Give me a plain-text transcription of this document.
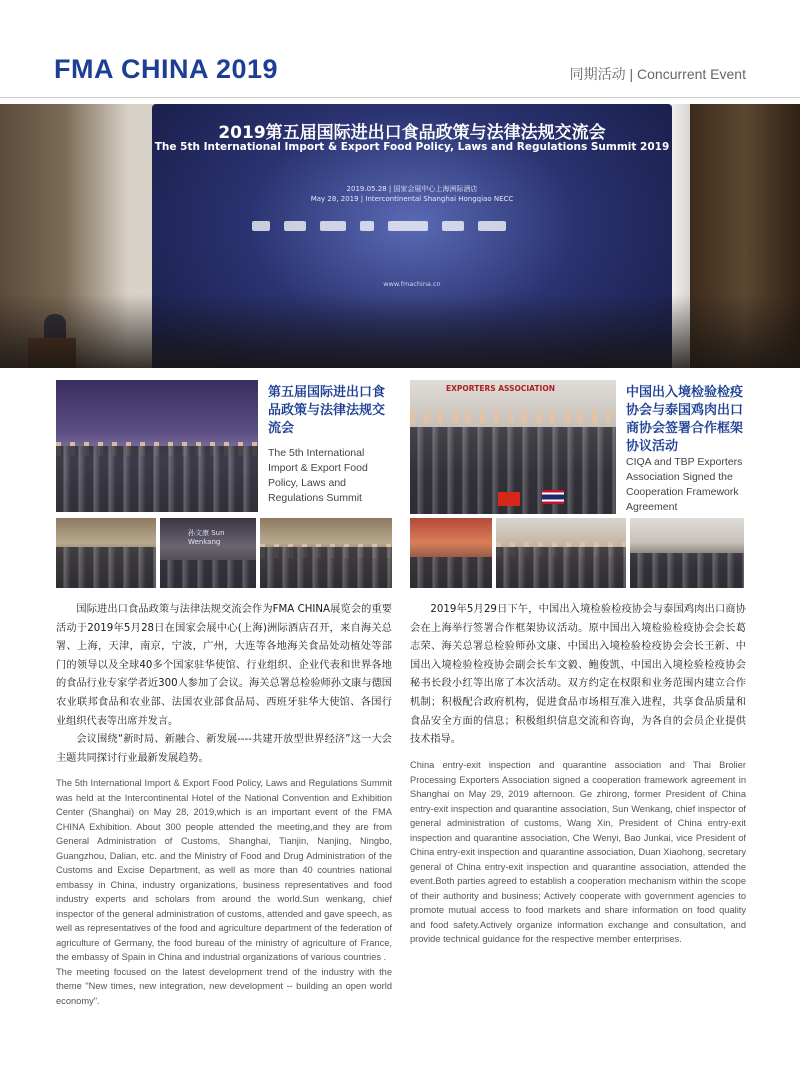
FMA CHINA 2019	同期活动 | Concurrent Event
2019第五届国际进出口食品政策与法律法规交流会
The 5th International Import & Export Food Policy, Laws and Regulations Summit 2019
2019.05.28 | 国家会展中心上海洲际酒店
May 28, 2019 | Intercontinental Shanghai Hongqiao NECC
www.fmachina.cn
第五届国际进出口食品政策与法律法规交流会
The 5th International Import & Export Food Policy, Laws and Regulations Summit
孙文康 Sun Wenkang
EXPORTERS ASSOCIATION	中国出入境检验检疫协会与泰国鸡肉出口商协会签署合作框架协议活动
CIQA and TBP Exporters Association Signed the Cooperation Framework Agreement

国际进出口食品政策与法律法规交流会作为FMA CHINA展览会的重要活动于2019年5月28日在国家会展中心(上海)洲际酒店召开，来自海关总署、上海，天津，南京，宁波，广州，大连等各地海关食品处动植处等部门的领导以及全球40多个国家驻华使馆、行业组织、企业代表和世界各地的食品行业专家学者近300人参加了会议。海关总署总检验师孙文康与德国农业联邦食品和农业部、法国农业部食品局、西班牙驻华大使馆、各国行业组织代表等出席并发言。

会议围绕“新时局、新融合、新发展----共建开放型世界经济”这一大会主题共同探讨行业最新发展趋势。

The 5th International Import & Export Food Policy, Laws and Regulations Summit was held at the Intercontinental Hotel of the National Convention and Exhibition Center (Shanghai) on May 28, 2019,which is an important event of the FMA CHINA Exhibition. About 300 people attended the meeting,and they are from General Administration of Customs, Shanghai, Tianjin, Nanjing, Ningbo, Guangzhou, Dalian, etc. and the Ministry of Food and Drug Administration of the Customs and Excise Department, as well as more than 40 countries national embassy in China, industry organizations, business representatives and food industry experts and scholars from around the world.Sun wenkang, chief inspector of the general administration of customs, attended and gave speech, as well as representatives of the food and agriculture department of the federation of agriculture of Germany, the food bureau of the ministry of agriculture of France, the embassy of Spain in China and industrial organizations of various countries .

The meeting focused on the latest development trend of the industry with the theme "New times, new integration, new development -- building an open world economy".

2019年5月29日下午，中国出入境检验检疫协会与泰国鸡肉出口商协会在上海举行签署合作框架协议活动。原中国出入境检验检疫协会会长葛志荣、海关总署总检验师孙文康、中国出入境检验检疫协会会长王新、中国出入境检验检疫协会副会长车文毅、鲍俊凯、中国出入境检验检疫协会秘书长段小红等出席了本次活动。双方约定在权限和业务范围内建立合作机制；积极配合政府机构，促进食品市场相互准入进程，共享食品质量和食品安全方面的信息；积极组织信息交流和咨询，为各自的会员企业提供技术指导。

China entry-exit inspection and quarantine association and Thai Brolier Processing Exporters Association signed a cooperation framework agreement in Shanghai on May 29, 2019 afternoon. Ge zhirong, former President of China entry-exit inspection and quarantine association, Sun Wenkang, chief inspector of general administration of customs, Wang Xin, President of China entry-exit inspection and quarantine association, Che Wenyi, Bao Junkai, vice President of China entry-exit inspection and quarantine association, Duan Xiaohong, secretary general of China entry-exit inspection and quarantine association, attended the event.Both parties agreed to establish a cooperation mechanism within the scope of their authority and business; Actively cooperate with government agencies to promote mutual access to food markets and share information on food quality and food safety.Actively organize information exchange and consultation, and provide technical guidance for the respective member enterprises.
